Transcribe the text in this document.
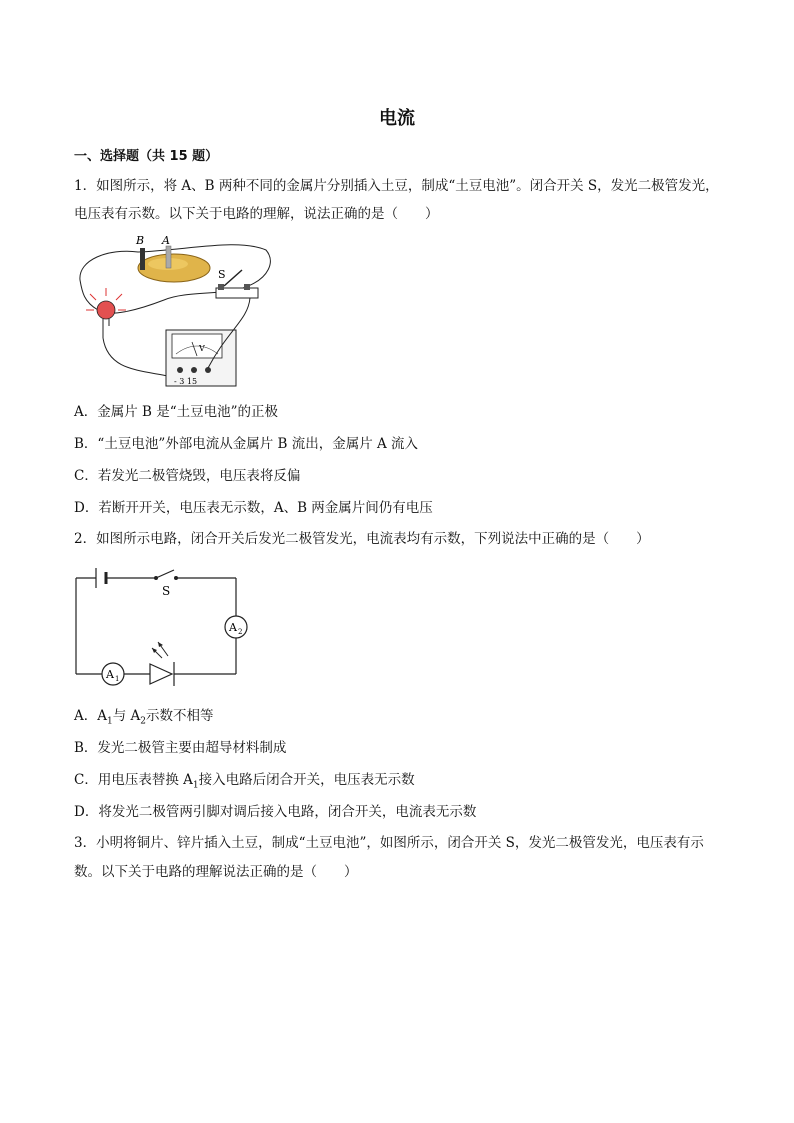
电流
一、选择题（共 15 题）
1．如图所示，将 A、B 两种不同的金属片分别插入土豆，制成“土豆电池”。闭合开关 S，发光二极管发光，
电压表有示数。以下关于电路的理解，说法正确的是（　　）
B A
S
V
- 3 15
A．金属片 B 是“土豆电池”的正极
B．“土豆电池”外部电流从金属片 B 流出，金属片 A 流入
C．若发光二极管烧毁，电压表将反偏
D．若断开开关，电压表无示数，A、B 两金属片间仍有电压
2．如图所示电路，闭合开关后发光二极管发光，电流表均有示数，下列说法中正确的是（　　）
S
A 2
A 1
A．$A_1$与 $A_2$示数不相等
B．发光二极管主要由超导材料制成
C．用电压表替换 $A_1$接入电路后闭合开关，电压表无示数
D．将发光二极管两引脚对调后接入电路，闭合开关，电流表无示数
3．小明将铜片、锌片插入土豆，制成“土豆电池”，如图所示，闭合开关 S，发光二极管发光，电压表有示
数。以下关于电路的理解说法正确的是（　　）
